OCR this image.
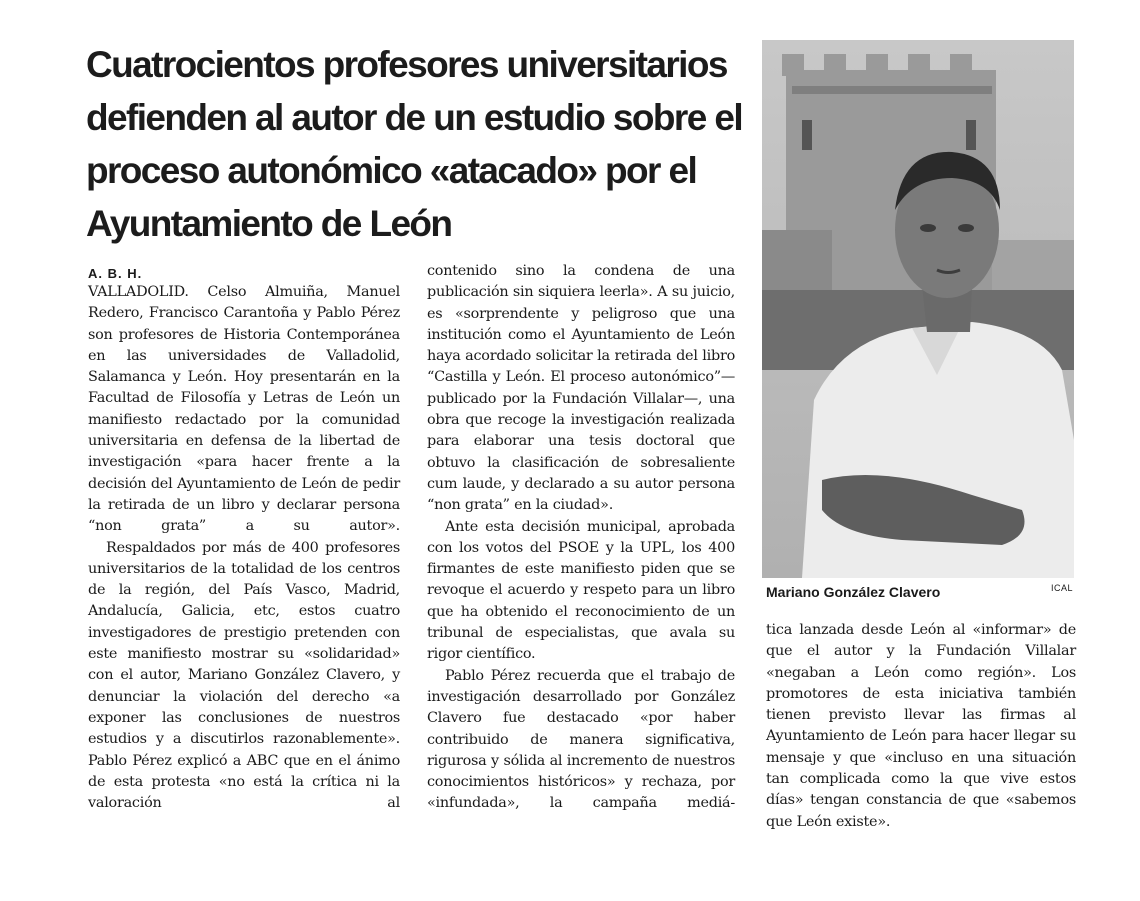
Cuatrocientos profesores universitarios defienden al autor de un estudio sobre el proceso autonómico «atacado» por el Ayuntamiento de León
A. B. H.

VALLADOLID. Celso Almuiña, Manuel Redero, Francisco Carantoña y Pablo Pérez son profesores de Historia Contemporánea en las universidades de Valladolid, Salamanca y León. Hoy presentarán en la Facultad de Filosofía y Letras de León un manifiesto redactado por la comunidad universitaria en defensa de la libertad de investigación «para hacer frente a la decisión del Ayuntamiento de León de pedir la retirada de un libro y declarar persona “non grata” a su autor».

Respaldados por más de 400 profesores universitarios de la totalidad de los centros de la región, del País Vasco, Madrid, Andalucía, Galicia, etc, estos cuatro investigadores de prestigio pretenden con este manifiesto mostrar su «solidaridad» con el autor, Mariano González Clavero, y denunciar la violación del derecho «a exponer las conclusiones de nuestros estudios y a discutirlos razonablemente». Pablo Pérez explicó a ABC que en el ánimo de esta protesta «no está la crítica ni la valoración al

contenido sino la condena de una publicación sin siquiera leerla». A su juicio, es «sorprendente y peligroso que una institución como el Ayuntamiento de León haya acordado solicitar la retirada del libro “Castilla y León. El proceso autonómico”—publicado por la Fundación Villalar—, una obra que recoge la investigación realizada para elaborar una tesis doctoral que obtuvo la clasificación de sobresaliente cum laude, y declarado a su autor persona “non grata” en la ciudad».

Ante esta decisión municipal, aprobada con los votos del PSOE y la UPL, los 400 firmantes de este manifiesto piden que se revoque el acuerdo y respeto para un libro que ha obtenido el reconocimiento de un tribunal de especialistas, que avala su rigor científico.

Pablo Pérez recuerda que el trabajo de investigación desarrollado por González Clavero fue destacado «por haber contribuido de manera significativa, rigurosa y sólida al incremento de nuestros conocimientos históricos» y rechaza, por «infundada», la campaña mediá-

tica lanzada desde León al «informar» de que el autor y la Fundación Villalar «negaban a León como región». Los promotores de esta iniciativa también tienen previsto llevar las firmas al Ayuntamiento de León para hacer llegar su mensaje y que «incluso en una situación tan complicada como la que vive estos días» tengan constancia de que «sabemos que León existe».

Mariano González Clavero	ICAL
